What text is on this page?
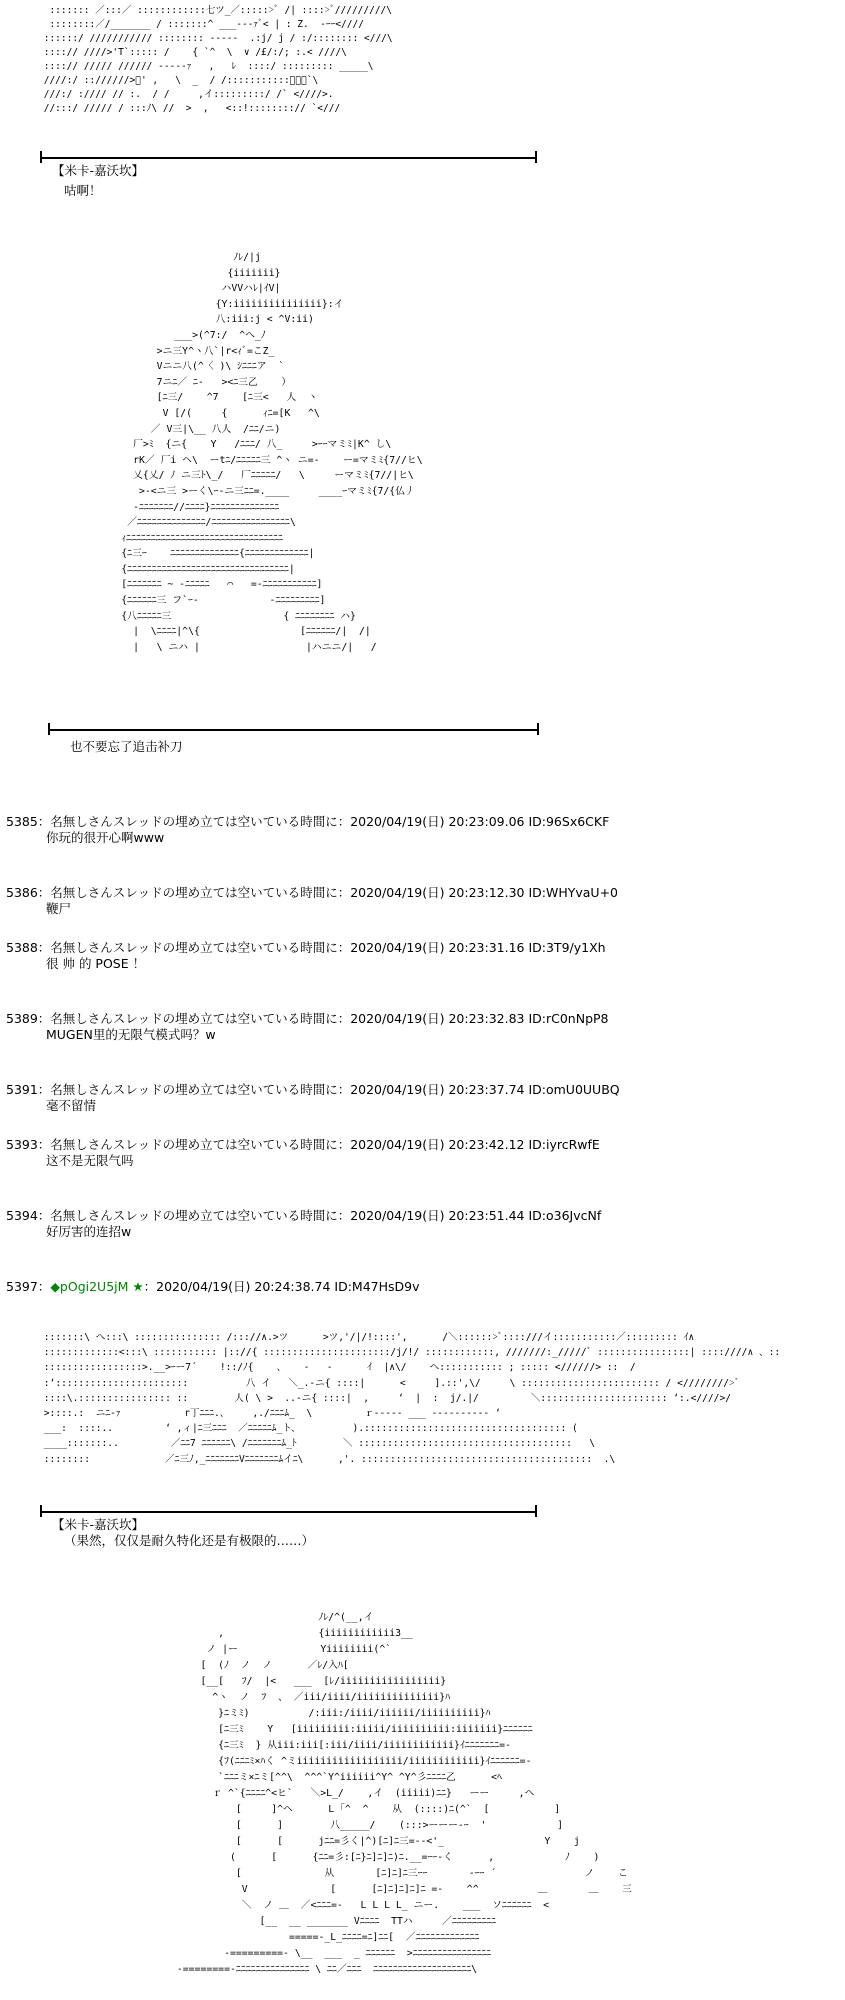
::::::: ／:::／ ::::::::::::七ツ_／:::::>ﾞ /| ::::>ﾞ/////////\
::::::::／/_______ / :::::::^ ___---ｧﾞ< | : Z.  -ｰｰ<////
::::::/ /////////// :::::::: -----  .:j/ j / :/:::::::: <///\
::::// ////>'T`::::: /    { `^  \  ∨ /£/:/; :.< ////\
::::// ///// ////// -----ｧ   ,   ﾚ  ::::/ ::::::::: _____\
////:/ :://////>ﾞ' ,   \  _  / /:::::::::::ｰｰｰ`\
///:/ ://// // :.  / /     ,イ:::::::::/ /` <////>.
//:::/ ///// / :::ﾉ\ //  >  ,   <::!::::::::// `<///
【米卡-嘉沃坎】
咕啊！
ﾉﾚ/|j
{iiiiiii}
ハVVハﾚ|ｲV|
{Y:iiiiiiiiiiiiiii}:イ
八:iii:j < ^V:ii)
___>(^7:/  ^へ_ﾉ
>ニ三Y^ヽ八`|r<ｨﾞ=こZ_
Vニニ八(^〈 )\ ｼﾆﾆﾆア  `
7ニﾆ／ ﾆ-   ><ﾆ三乙    ）
[ﾆ三/    ^7    [ﾆ三<   人  ヽ
V [/(     {      ｨﾆ=[K   ^\
／ V三|\__ 八人  /ﾆﾆ/ニ)
厂>ﾐ  {ニ{    Y   /ﾆﾆﾆ/ 八_     >ｰｰマミﾐ|K^ し\
rK／ 厂i ヘ\  ーtﾆ/ﾆﾆﾆﾆﾆ三 ^ヽ ニ=-    ー=マミﾐ{7//ヒ\
乂{乂/ ﾉ ニ三ﾄ\_/   厂ﾆﾆﾆﾆﾆ/   \     ーマミﾐ{7//|ヒ\
>-<ニ三 >ーく\ｰ-ニ三ﾆﾆ=.____     ____ｰマミﾐ{7/{仏丿
-ﾆﾆﾆﾆﾆﾆﾆ//ﾆﾆﾆﾆ}ﾆﾆﾆﾆﾆﾆﾆﾆﾆﾆﾆﾆﾆﾆ
／ﾆﾆﾆﾆﾆﾆﾆﾆﾆﾆﾆﾆﾆﾆ/ﾆﾆﾆﾆﾆﾆﾆﾆﾆﾆﾆﾆﾆﾆﾆﾆ\
ｨﾆﾆﾆﾆﾆﾆﾆﾆﾆﾆﾆﾆﾆﾆﾆﾆﾆﾆﾆﾆﾆﾆﾆﾆﾆﾆﾆﾆﾆﾆﾆﾆ
{ﾆ三ｰ    ﾆﾆﾆﾆﾆﾆﾆﾆﾆﾆﾆﾆﾆﾆ{ﾆﾆﾆﾆﾆﾆﾆﾆﾆﾆﾆﾆﾆ|
{ﾆﾆﾆﾆﾆﾆﾆﾆﾆﾆﾆﾆﾆﾆﾆﾆﾆﾆﾆﾆﾆﾆﾆﾆﾆﾆﾆﾆﾆﾆﾆﾆﾆ|
[ﾆﾆﾆﾆﾆﾆﾆ ~ -ﾆﾆﾆﾆﾆ   ⌒   =-ﾆﾆﾆﾆﾆﾆﾆﾆﾆﾆﾆ]
{ﾆﾆﾆﾆﾆﾆ三 フ`ｰ-            -ﾆﾆﾆﾆﾆﾆﾆﾆﾆ]
{八ﾆﾆﾆﾆﾆ三                   { ﾆﾆﾆﾆﾆﾆﾆﾆ ハ}
|  \ﾆﾆﾆﾆ|^\{                 [ﾆﾆﾆﾆﾆﾆ/|  /|
|   \ ニハ |                  |ハニニ/|   /
也不要忘了追击补刀
5385：名無しさんスレッドの埋め立ては空いている時間に：2020/04/19(日) 20:23:09.06 ID:96Sx6CKF
你玩的很开心啊www
5386：名無しさんスレッドの埋め立ては空いている時間に：2020/04/19(日) 20:23:12.30 ID:WHYvaU+0
鞭尸
5388：名無しさんスレッドの埋め立ては空いている時間に：2020/04/19(日) 20:23:31.16 ID:3T9/y1Xh
很 帅 的 POSE ！
5389：名無しさんスレッドの埋め立ては空いている時間に：2020/04/19(日) 20:23:32.83 ID:rC0nNpP8
MUGEN里的无限气模式吗？w
5391：名無しさんスレッドの埋め立ては空いている時間に：2020/04/19(日) 20:23:37.74 ID:omU0UUBQ
毫不留情
5393：名無しさんスレッドの埋め立ては空いている時間に：2020/04/19(日) 20:23:42.12 ID:iyrcRwfE
这不是无限气吗
5394：名無しさんスレッドの埋め立ては空いている時間に：2020/04/19(日) 20:23:51.44 ID:o36JvcNf
好厉害的连招w
5397：◆pOgi2U5jM ★：2020/04/19(日) 20:24:38.74 ID:M47HsD9v
:::::::\ へ:::\ ::::::::::::::: /::://∧.>ツ      >ツ,'/|/!::::',      /＼::::::>ﾞ::::///イ:::::::::::／::::::::: ｲ∧
:::::::::::::<:::\ ::::::::::: |:://{ ::::::::::::::::::::::/j/!/ ::::::::::::, ///////:_/////ﾞ ::::::::::::::::| ::::////∧ 、::
:::::::::::::::::>.__>ｰー7´    !::/ﾉ{    、   -   -      ｲ  |∧\/    ヘ::::::::::: ; ::::: <//////> ::  /
:‘:::::::::::::::::::::::          八 イ   ＼_.-ニ{ ::::|      <     ].::',\/     \ :::::::::::::::::::::::: / <////////>ﾞ
::::\.:::::::::::::::: ::        人( \ >  ..-ニ{ ::::|  ,     ‘  |  :  j/.|/         ＼:::::::::::::::::::::: ‘:.<////>/
>::::.:  ニﾆ-ｧ           r丁ﾆﾆﾆ.、    ,./ﾆﾆﾆﾑ_  \         ｒ----- ___ ---------- ‘
___:  ::::..         ‘ ,ィ|ﾆ三ﾆﾆﾆ  ／ﾆﾆﾆﾆﾆﾑ_ト、         ).::::::::::::::::::::::::::::::::::: (
____:::::::..         ／ﾆﾆ7 ﾆﾆﾆﾆﾆﾆ\ /ﾆﾆﾆﾆﾆﾆﾆﾑ_ﾄ        ＼ :::::::::::::::::::::::::::::::::::::   \
::::::::             ／ﾆ三ﾉ,_ﾆﾆﾆﾆﾆﾆﾆVﾆﾆﾆﾆﾆﾆﾆﾑイﾆ\      ,'. ::::::::::::::::::::::::::::::::::::::::  .\
【米卡-嘉沃坎】
（果然，仅仅是耐久特化还是有极限的……）
ﾉﾚ/^(__,イ
,                {iiiiiiiiiiii3__
ノ |ー              Yiiiiiiii(^`
[  (ﾉ  ノ  ノ      ／ﾚ/入ﾊ[
[__[   ﾌ/  |<   ___  [ﾚ/iiiiiiiiiiiiiiiii}
^ヽ  ノ  ﾌ  、 ／iii/iiii/iiiiiiiiiiiiii}ﾊ
}ﾆミﾐ)          /:iii:/iiii/iiiiii/iiiiiiiiii}ﾊ
[ﾆ三ﾐ    Y   [iiiiiiiii:iiiii/iiiiiiiiii:iiiiiii}ﾆﾆﾆﾆﾆﾆ
{ﾆ三ﾐ  } 从iii:iii[:iii/iiii/iiiiiiiiiiii}ｲﾆﾆﾆﾆﾆﾆﾆ=-
{ﾌ(ﾆﾆﾆﾐ×ﾊく ^ミiiiiiiiiiiiiiiiiii/iiiiiiiiiiii}ｲﾆﾆﾆﾆﾆﾆ=-
`ﾆﾆﾆミ×ﾆミ[^^\  ^^^`Y^iiiiii^Y^ ^Y^彡ﾆﾆﾆﾆ乙      <ﾍ
ｒ ^`{ﾆﾆﾆﾆ^<ヒ`   ＼>L_/    ,イ  (iiiii)ﾆﾆ}   ーー     ,ヘ
[     ]^ヘ      L ｢^  ^    从  (::::)ﾆ(^`  [           ]
[      ]        八_____/    (:::>ーーー-ｰ  '            ]
[      [      jﾆﾆ=彡く|^)[ﾆ]ﾆ三=--<'_                 Y    j
(      [      {ﾆﾆ=彡:[ﾆ}ﾆ]ﾆ]ﾆ)ﾆ.__=ｰｰ-く      ,            ﾉ    )
[              从       [ﾆ]ﾆ]ﾆ三ｰｰ       -ｰｰ ´               ノ    こ
V              [      [ﾆ]ﾆ]ﾆ]ﾆ]ﾆ =-    ^^          ＿       ＿    三
＼  ノ ＿  ／<ﾆﾆﾆ=-   L L L L_ ニー.    ___  ソﾆﾆﾆﾆﾆﾆ  <
[__  __ _______ Vﾆﾆﾆﾆ  TTハ     ／ﾆﾆﾆﾆﾆﾆﾆﾆﾆ
=====-_L_ﾆﾆﾆﾆ=ﾆ]ﾆﾆ[  ／ﾆﾆﾆﾆﾆﾆﾆﾆﾆﾆﾆﾆﾆ
-=========- \__  ___  _ ﾆﾆﾆﾆﾆﾆ  >ﾆﾆﾆﾆﾆﾆﾆﾆﾆﾆﾆﾆﾆﾆﾆﾆ
-========-ﾆﾆﾆﾆﾆﾆﾆﾆﾆﾆﾆﾆﾆﾆﾆ \ ﾆﾆ／ﾆﾆﾆ  ﾆﾆﾆﾆﾆﾆﾆﾆﾆﾆﾆﾆﾆﾆﾆﾆﾆﾆﾆﾆ\
